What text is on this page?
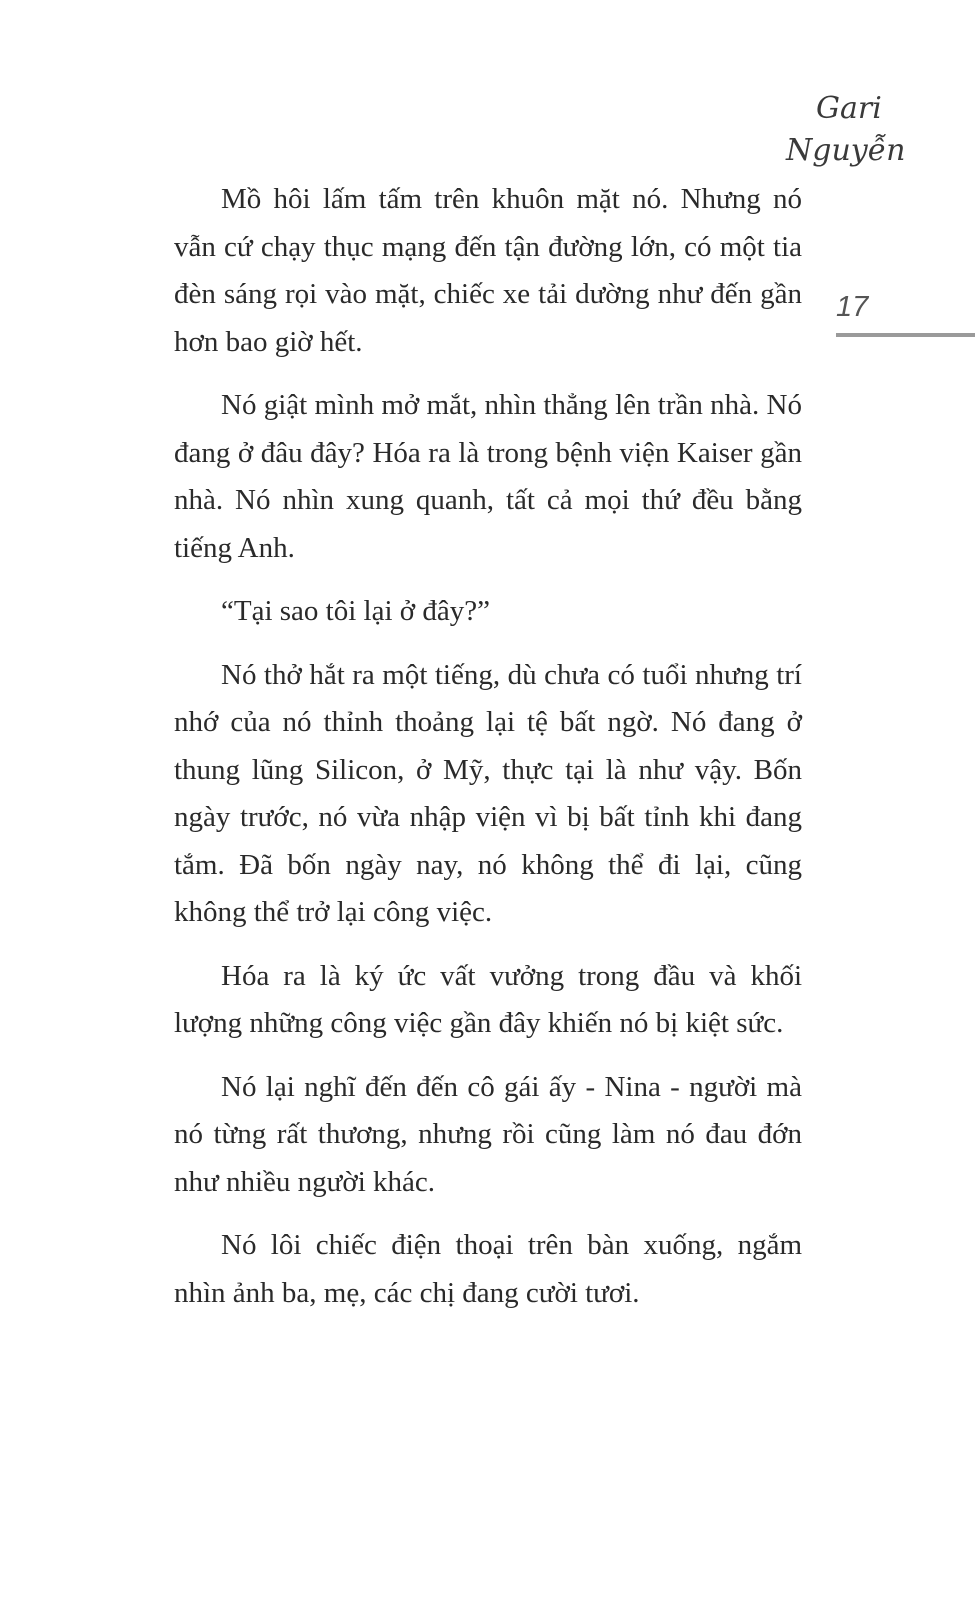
Gari
Nguyễn
17

Mồ hôi lấm tấm trên khuôn mặt nó. Nhưng nó vẫn cứ chạy thục mạng đến tận đường lớn, có một tia đèn sáng rọi vào mặt, chiếc xe tải dường như đến gần hơn bao giờ hết.

Nó giật mình mở mắt, nhìn thẳng lên trần nhà. Nó đang ở đâu đây? Hóa ra là trong bệnh viện Kaiser gần nhà. Nó nhìn xung quanh, tất cả mọi thứ đều bằng tiếng Anh.

“Tại sao tôi lại ở đây?”

Nó thở hắt ra một tiếng, dù chưa có tuổi nhưng trí nhớ của nó thỉnh thoảng lại tệ bất ngờ. Nó đang ở thung lũng Silicon, ở Mỹ, thực tại là như vậy. Bốn ngày trước, nó vừa nhập viện vì bị bất tỉnh khi đang tắm. Đã bốn ngày nay, nó không thể đi lại, cũng không thể trở lại công việc.

Hóa ra là ký ức vất vưởng trong đầu và khối lượng những công việc gần đây khiến nó bị kiệt sức.

Nó lại nghĩ đến đến cô gái ấy - Nina - người mà nó từng rất thương, nhưng rồi cũng làm nó đau đớn như nhiều người khác.

Nó lôi chiếc điện thoại trên bàn xuống, ngắm nhìn ảnh ba, mẹ, các chị đang cười tươi.
